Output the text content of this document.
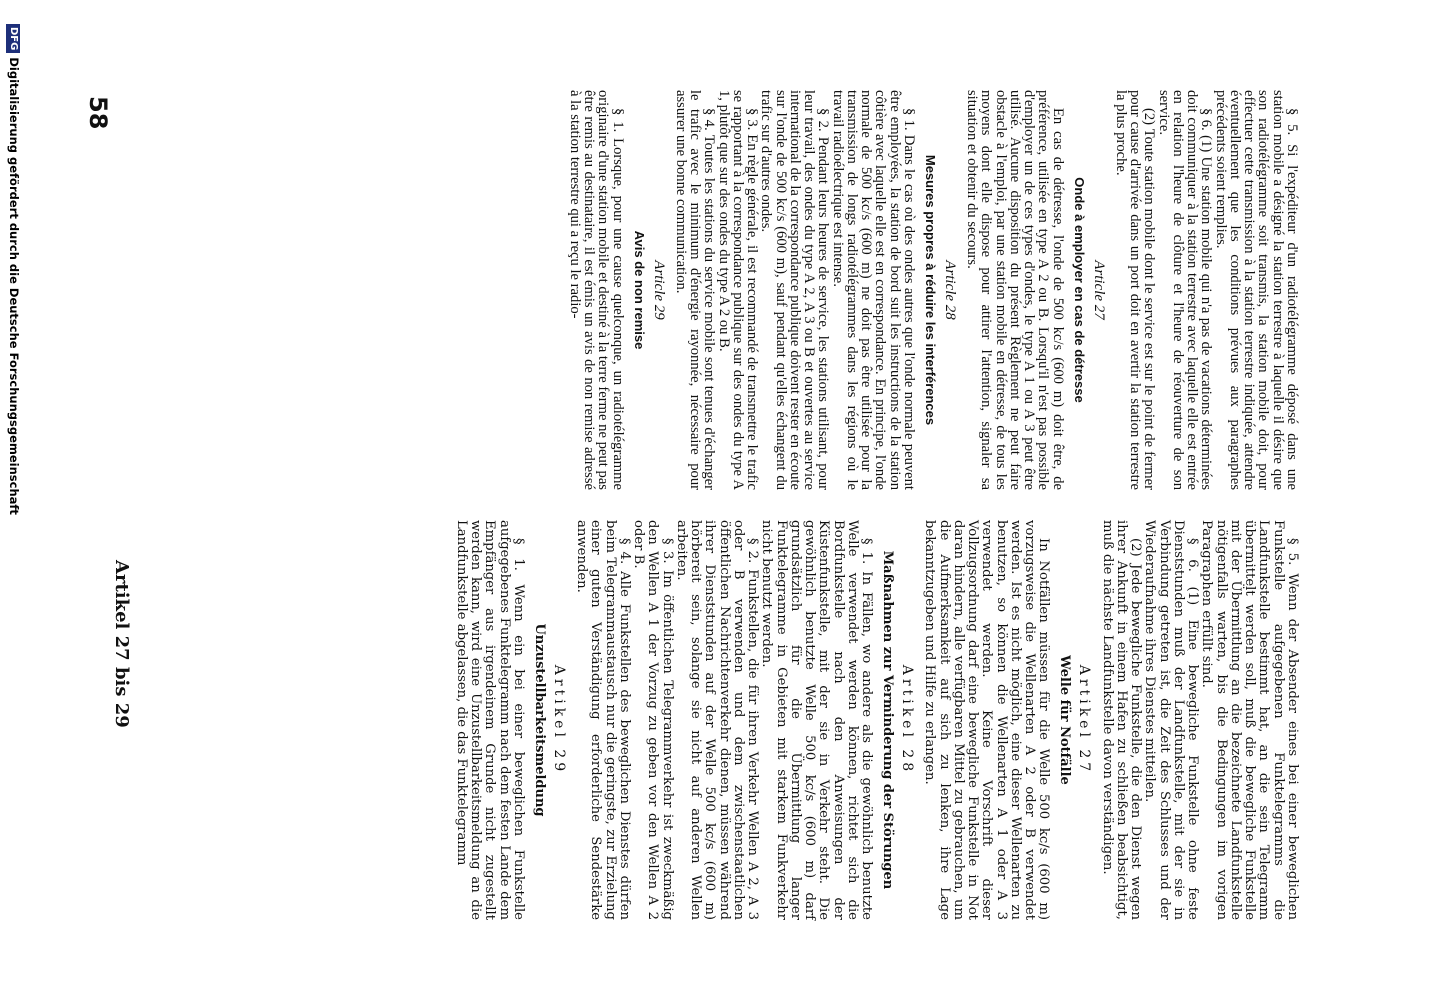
58
Artikel 27 bis 29

§ 5. Si l'expéditeur d'un radiotélégramme déposé dans une station mobile a désigné la station terrestre à laquelle il désire que son radiotélégramme soit transmis, la station mobile doit, pour effectuer cette transmission à la station terrestre indiquée, attendre éventuellement que les conditions prévues aux paragraphes précédents soient remplies.

§ 6. (1) Une station mobile qui n'a pas de vacations déterminées doit communiquer à la station terrestre avec laquelle elle est entrée en relation l'heure de clôture et l'heure de réouverture de son service.

(2) Toute station mobile dont le service est sur le point de fermer pour cause d'arrivée dans un port doit en avertir la station terrestre la plus proche.

Article 27
Onde à employer en cas de détresse

En cas de détresse, l'onde de 500 kc/s (600 m) doit être, de préférence, utilisée en type A 2 ou B. Lorsqu'il n'est pas possible d'employer un de ces types d'ondes, le type A 1 ou A 3 peut être utilisé. Aucune disposition du présent Règlement ne peut faire obstacle à l'emploi, par une station mobile en détresse, de tous les moyens dont elle dispose pour attirer l'attention, signaler sa situation et obtenir du secours.

Article 28
Mesures propres à réduire les interférences

§ 1. Dans le cas où des ondes autres que l'onde normale peuvent être employées, la station de bord suit les instructions de la station côtière avec laquelle elle est en correspondance. En principe, l'onde normale de 500 kc/s (600 m) ne doit pas être utilisée pour la transmission de longs radiotélégrammes dans les régions où le travail radioélectrique est intense.

§ 2. Pendant leurs heures de service, les stations utilisant, pour leur travail, des ondes du type A 2, A 3 ou B et ouvertes au service international de la correspondance publique doivent rester en écoute sur l'onde de 500 kc/s (600 m), sauf pendant qu'elles échangent du trafic sur d'autres ondes.

§ 3. En règle générale, il est recommandé de transmettre le trafic se rapportant à la correspondance publique sur des ondes du type A 1, plutôt que sur des ondes du type A 2 ou B.

§ 4. Toutes les stations du service mobile sont tenues d'échanger le trafic avec le minimum d'énergie rayonnée, nécessaire pour assurer une bonne communication.

Article 29
Avis de non remise

§ 1. Lorsque, pour une cause quelconque, un radiotélégramme originaire d'une station mobile et destiné à la terre ferme ne peut pas être remis au destinataire, il est émis un avis de non remise adressé à la station terrestre qui a reçu le radio-

§ 5. Wenn der Absender eines bei einer beweglichen Funkstelle aufgegebenen Funktelegramms die Landfunkstelle bestimmt hat, an die sein Telegramm übermittelt werden soll, muß die bewegliche Funkstelle mit der Übermittlung an die bezeichnete Landfunkstelle nötigenfalls warten, bis die Bedingungen im vorigen Paragraphen erfüllt sind.

§ 6. (1) Eine bewegliche Funkstelle ohne feste Dienststunden muß der Landfunkstelle, mit der sie in Verbindung getreten ist, die Zeit des Schlusses und der Wiederaufnahme ihres Dienstes mitteilen.

(2) Jede bewegliche Funkstelle, die den Dienst wegen ihrer Ankunft in einem Hafen zu schließen beabsichtigt, muß die nächste Landfunkstelle davon verständigen.

Artikel 27
Welle für Notfälle

In Notfällen müssen für die Welle 500 kc/s (600 m) vorzugsweise die Wellenarten A 2 oder B verwendet werden. Ist es nicht möglich, eine dieser Wellenarten zu benutzen, so können die Wellenarten A 1 oder A 3 verwendet werden. Keine Vorschrift dieser Vollzugsordnung darf eine bewegliche Funkstelle in Not daran hindern, alle verfügbaren Mittel zu gebrauchen, um die Aufmerksamkeit auf sich zu lenken, ihre Lage bekanntzugeben und Hilfe zu erlangen.

Artikel 28
Maßnahmen zur Verminderung der Störungen

§ 1. In Fällen, wo andere als die gewöhnlich benutzte Welle verwendet werden können, richtet sich die Bordfunkstelle nach den Anweisungen der Küstenfunkstelle, mit der sie in Verkehr steht. Die gewöhnlich benutzte Welle 500 kc/s (600 m) darf grundsätzlich für die Übermittlung langer Funktelegramme in Gebieten mit starkem Funkverkehr nicht benutzt werden.

§ 2. Funkstellen, die für ihren Verkehr Wellen A 2, A 3 oder B verwenden und dem zwischenstaatlichen öffentlichen Nachrichtenverkehr dienen, müssen während ihrer Dienststunden auf der Welle 500 kc/s (600 m) hörbereit sein, solange sie nicht auf anderen Wellen arbeiten.

§ 3. Im öffentlichen Telegrammverkehr ist zweckmäßig den Wellen A 1 der Vorzug zu geben vor den Wellen A 2 oder B.

§ 4. Alle Funkstellen des beweglichen Dienstes dürfen beim Telegrammaustausch nur die geringste, zur Erzielung einer guten Verständigung erforderliche Sendestärke anwenden.

Artikel 29
Unzustellbarkeitsmeldung

§ 1. Wenn ein bei einer beweglichen Funkstelle aufgegebenes Funktelegramm nach dem festen Lande dem Empfänger aus irgendeinem Grunde nicht zugestellt werden kann, wird eine Unzustellbarkeitsmeldung an die Landfunkstelle abgelassen, die das Funktelegramm

DFGDigitalisierung gefördert durch die Deutsche Forschungsgemeinschaft
